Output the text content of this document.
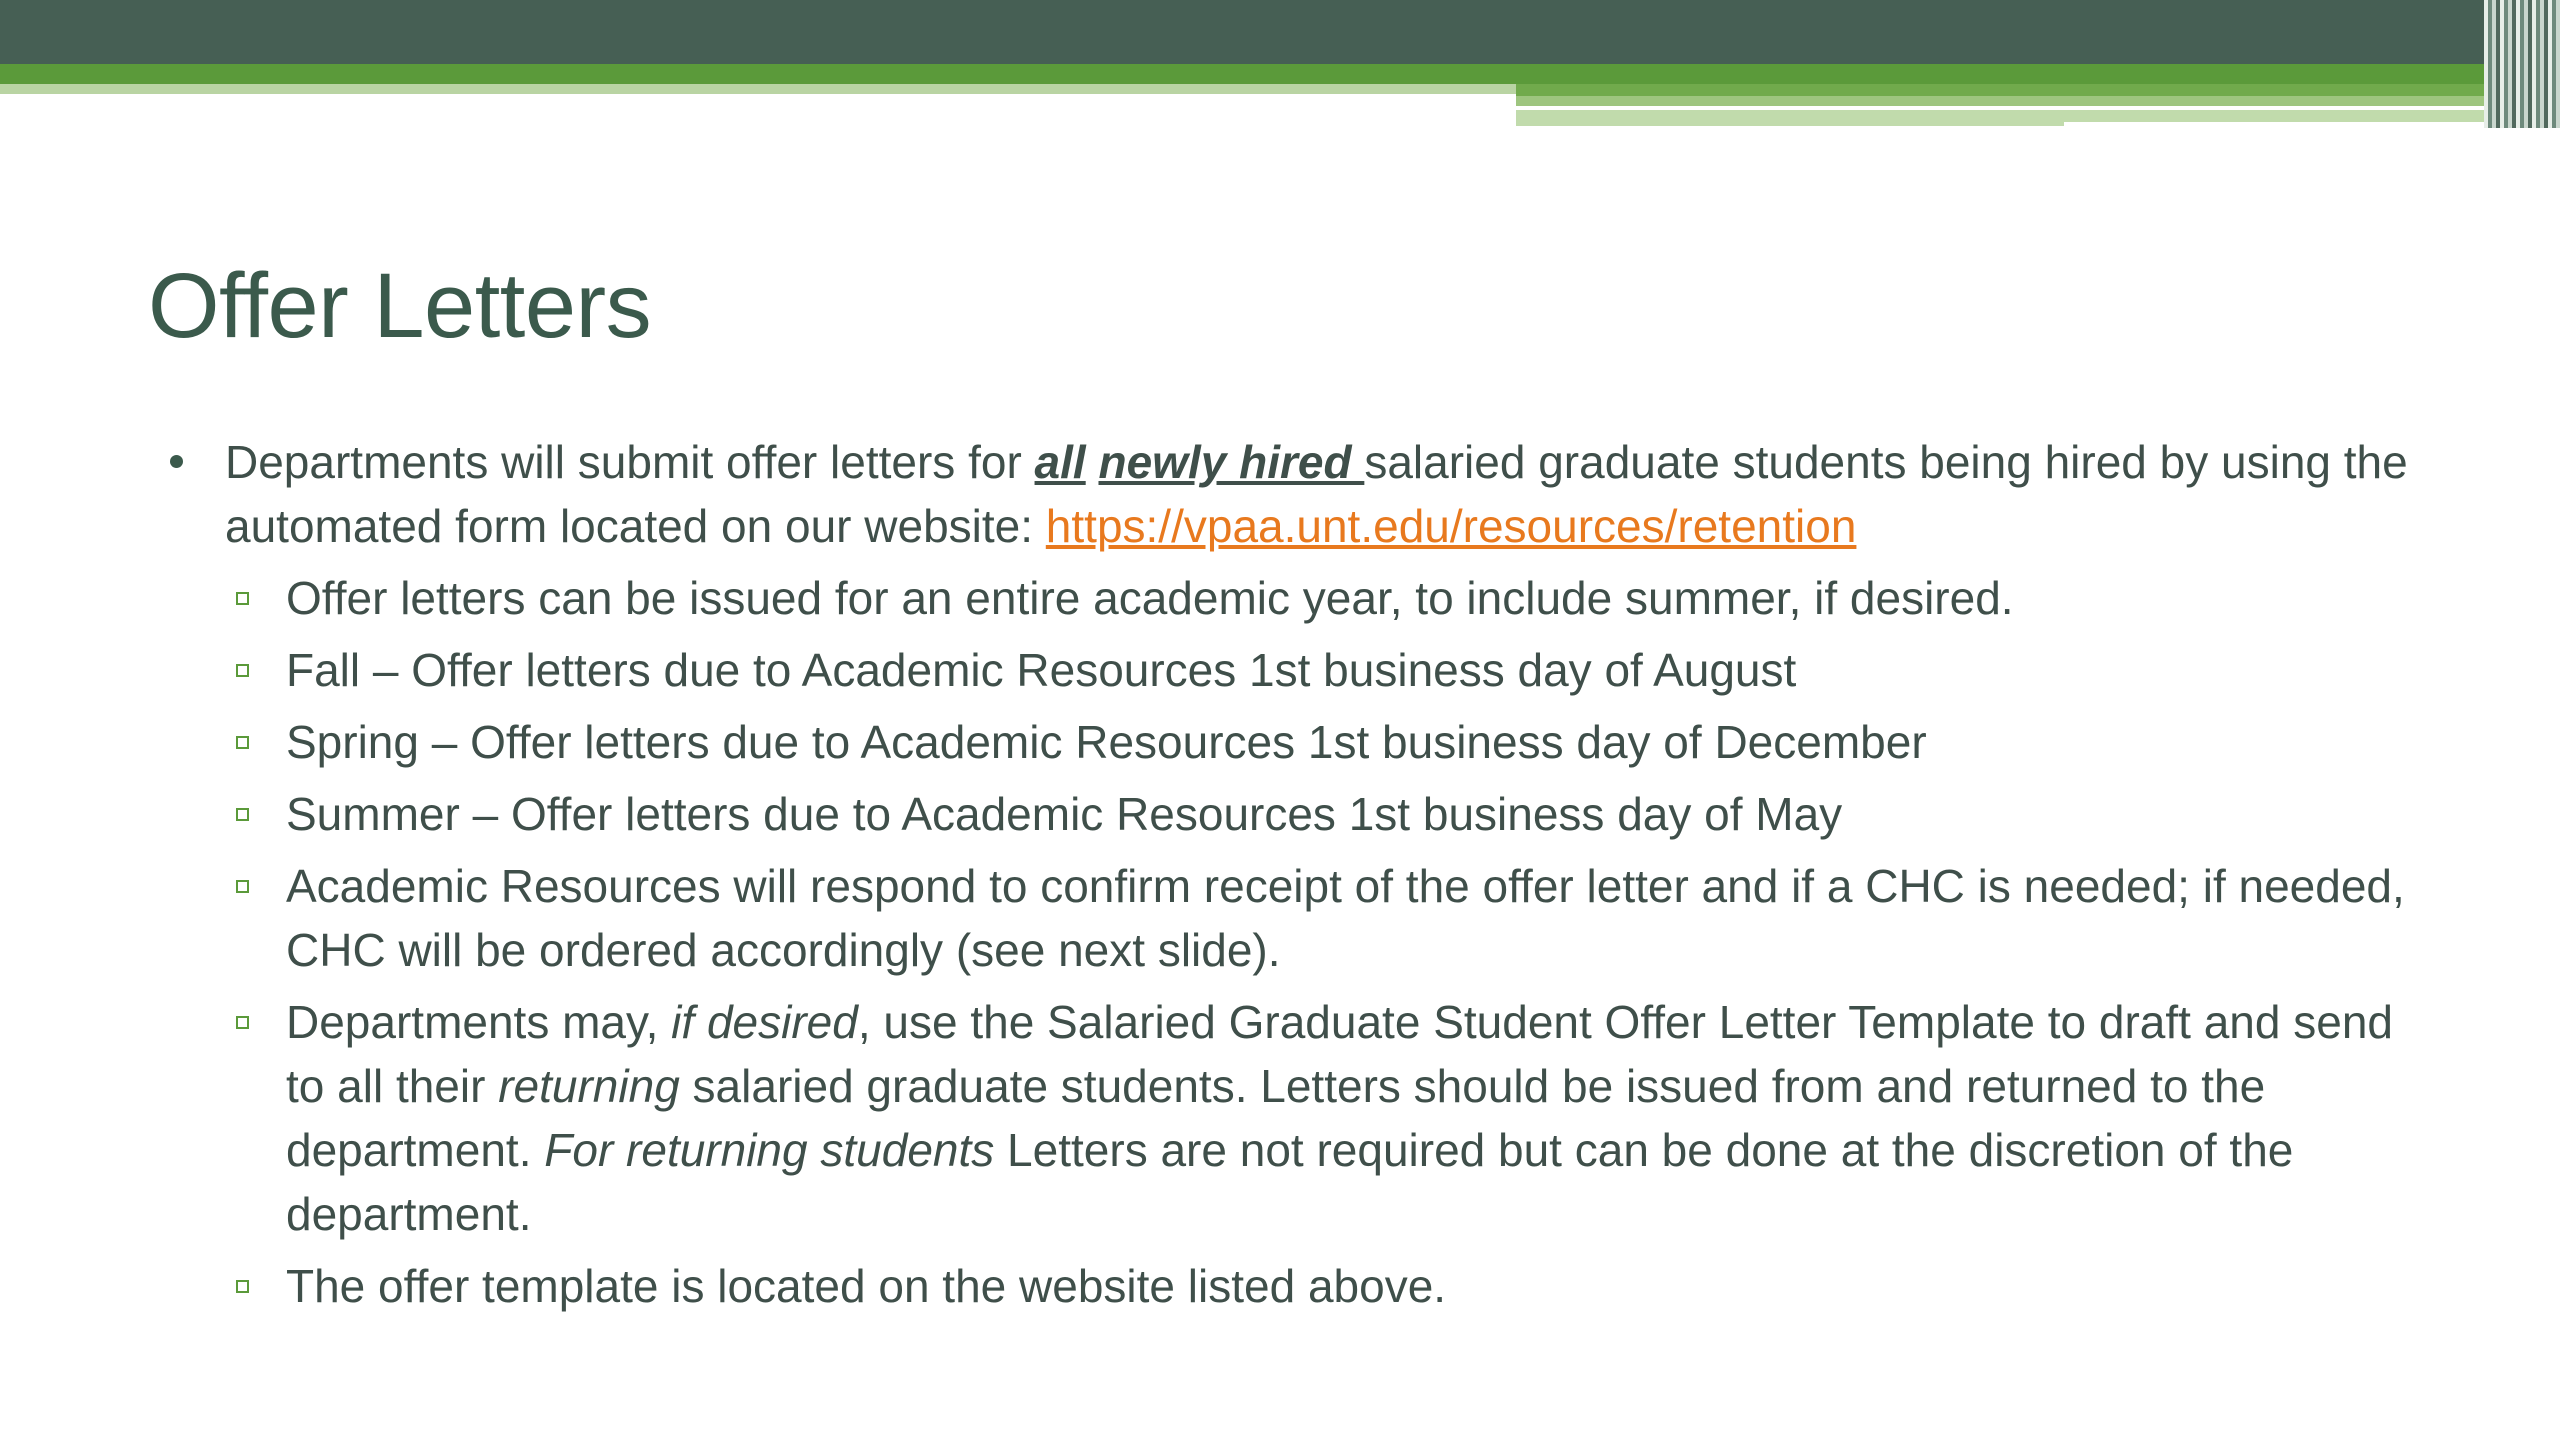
Offer Letters

Departments will submit offer letters for all newly hired salaried graduate students being hired by using the automated form located on our website: https://vpaa.unt.edu/resources/retention

Offer letters can be issued for an entire academic year, to include summer, if desired.
Fall – Offer letters due to Academic Resources 1st business day of August
Spring – Offer letters due to Academic Resources 1st business day of December
Summer – Offer letters due to Academic Resources 1st business day of May
Academic Resources will respond to confirm receipt of the offer letter and if a CHC is needed; if needed, CHC will be ordered accordingly (see next slide).
Departments may, if desired, use the Salaried Graduate Student Offer Letter Template to draft and send to all their returning salaried graduate students. Letters should be issued from and returned to the department. For returning students Letters are not required but can be done at the discretion of the department.
The offer template is located on the website listed above.
